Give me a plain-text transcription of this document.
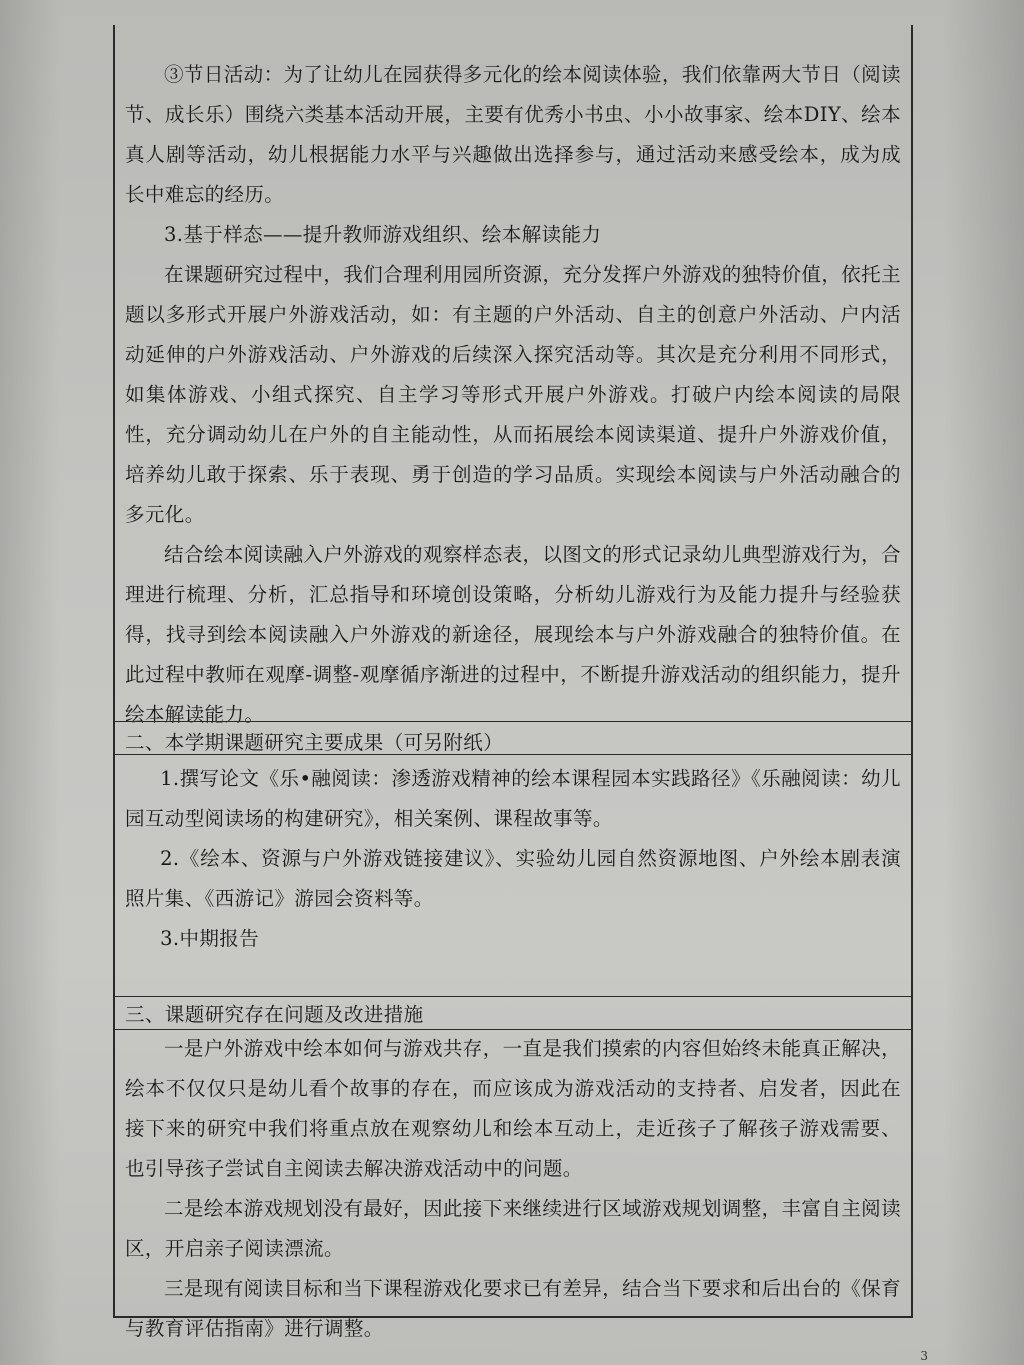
③节日活动：为了让幼儿在园获得多元化的绘本阅读体验，我们依靠两大节日（阅读节、成长乐）围绕六类基本活动开展，主要有优秀小书虫、小小故事家、绘本DIY、绘本真人剧等活动，幼儿根据能力水平与兴趣做出选择参与，通过活动来感受绘本，成为成长中难忘的经历。

3.基于样态——提升教师游戏组织、绘本解读能力

在课题研究过程中，我们合理利用园所资源，充分发挥户外游戏的独特价值，依托主题以多形式开展户外游戏活动，如：有主题的户外活动、自主的创意户外活动、户内活动延伸的户外游戏活动、户外游戏的后续深入探究活动等。其次是充分利用不同形式，如集体游戏、小组式探究、自主学习等形式开展户外游戏。打破户内绘本阅读的局限性，充分调动幼儿在户外的自主能动性，从而拓展绘本阅读渠道、提升户外游戏价值，培养幼儿敢于探索、乐于表现、勇于创造的学习品质。实现绘本阅读与户外活动融合的多元化。

结合绘本阅读融入户外游戏的观察样态表，以图文的形式记录幼儿典型游戏行为，合理进行梳理、分析，汇总指导和环境创设策略，分析幼儿游戏行为及能力提升与经验获得，找寻到绘本阅读融入户外游戏的新途径，展现绘本与户外游戏融合的独特价值。在此过程中教师在观摩-调整-观摩循序渐进的过程中，不断提升游戏活动的组织能力，提升绘本解读能力。

二、本学期课题研究主要成果（可另附纸）

1.撰写论文《乐•融阅读：渗透游戏精神的绘本课程园本实践路径》《乐融阅读：幼儿园互动型阅读场的构建研究》，相关案例、课程故事等。

2.《绘本、资源与户外游戏链接建议》、实验幼儿园自然资源地图、户外绘本剧表演照片集、《西游记》游园会资料等。

3.中期报告

三、课题研究存在问题及改进措施

一是户外游戏中绘本如何与游戏共存，一直是我们摸索的内容但始终未能真正解决，绘本不仅仅只是幼儿看个故事的存在，而应该成为游戏活动的支持者、启发者，因此在接下来的研究中我们将重点放在观察幼儿和绘本互动上，走近孩子了解孩子游戏需要、也引导孩子尝试自主阅读去解决游戏活动中的问题。

二是绘本游戏规划没有最好，因此接下来继续进行区域游戏规划调整，丰富自主阅读区，开启亲子阅读漂流。

三是现有阅读目标和当下课程游戏化要求已有差异，结合当下要求和后出台的《保育与教育评估指南》进行调整。

3
